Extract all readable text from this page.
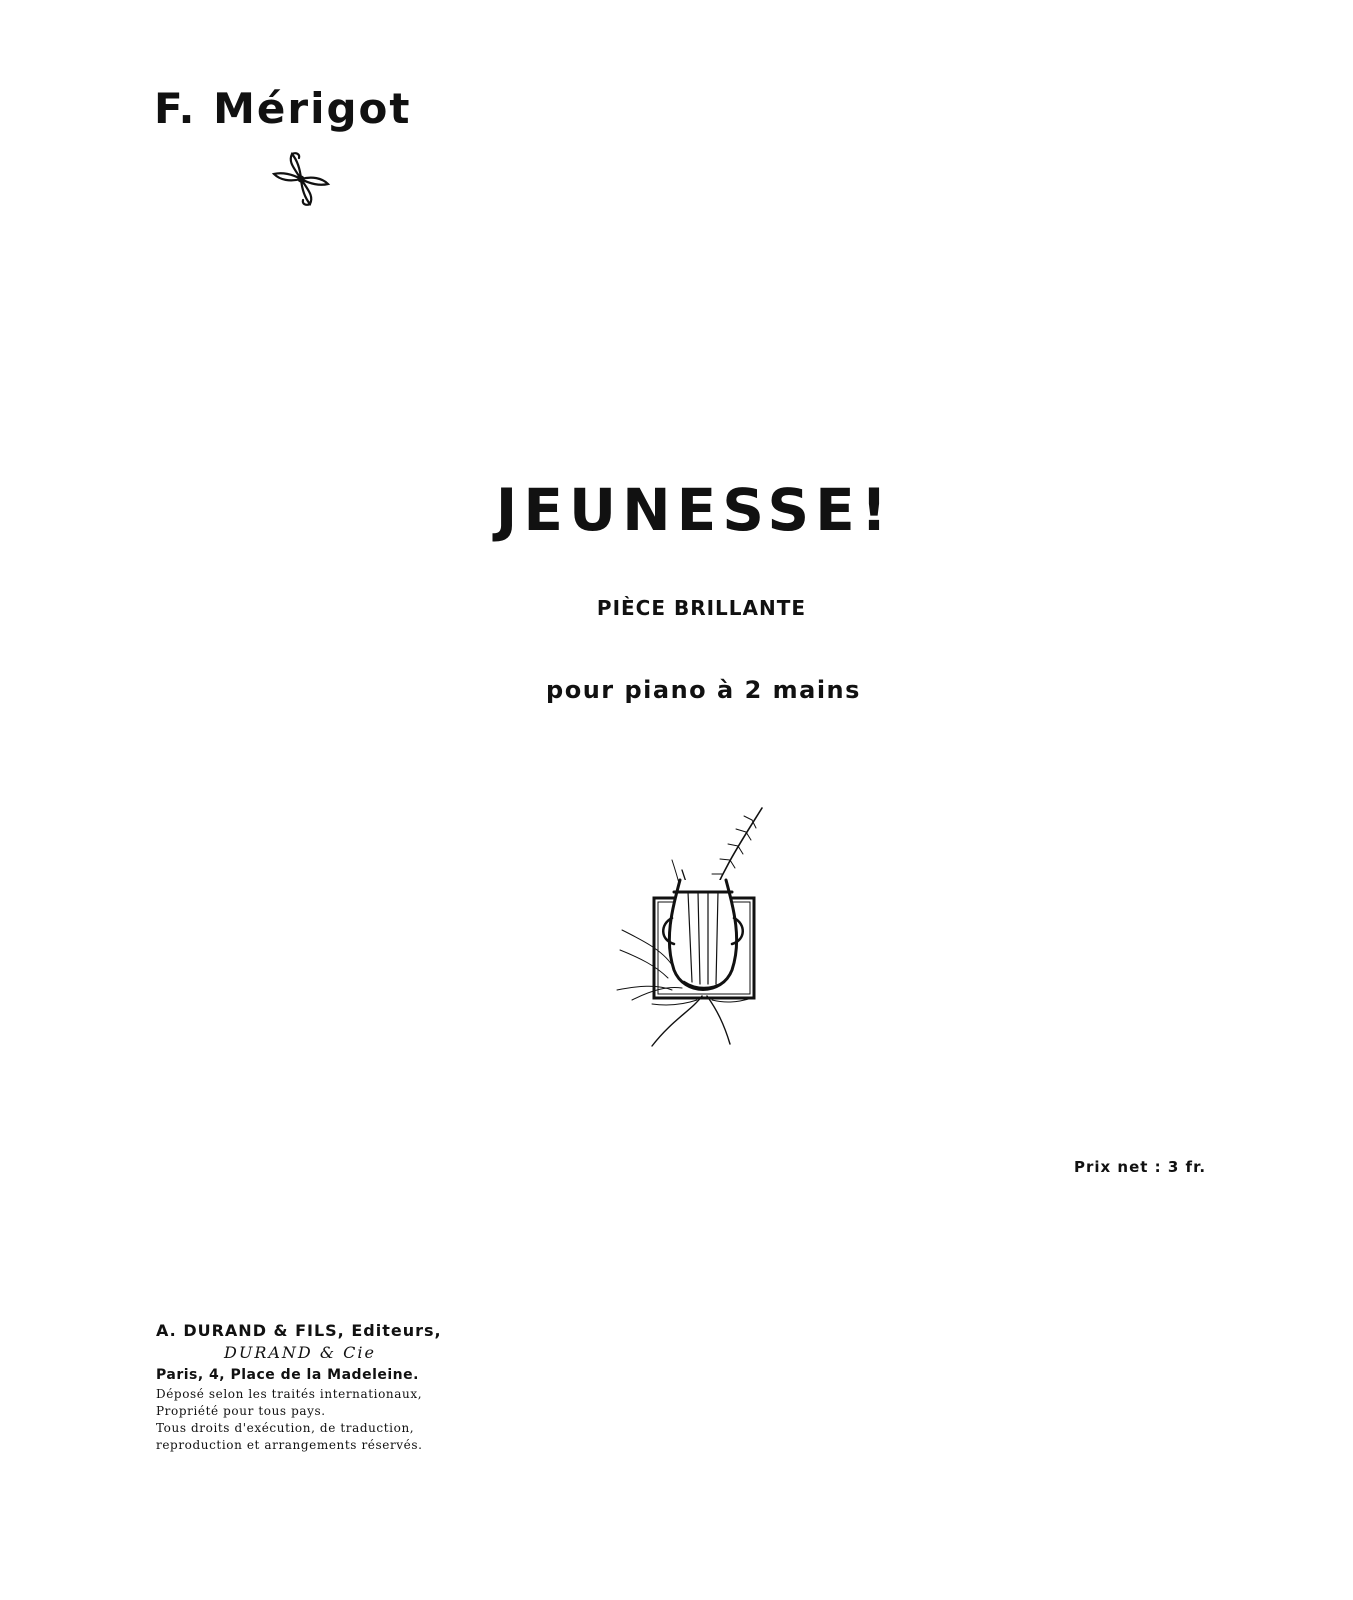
F. Mérigot
JEUNESSE!
PIÈCE BRILLANTE
pour piano à 2 mains
Prix net : 3 fr.
A. DURAND & FILS, Editeurs,
DURAND & Cie
Paris, 4, Place de la Madeleine.
Déposé selon les traités internationaux,
Propriété pour tous pays.
Tous droits d'exécution, de traduction,
reproduction et arrangements réservés.
